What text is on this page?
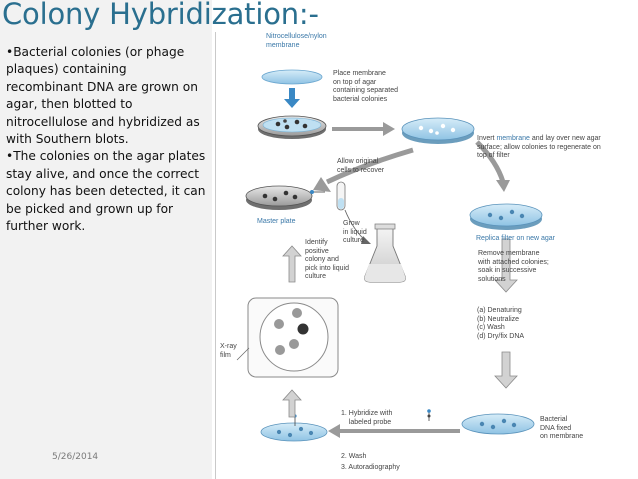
Colony Hybridization:-

•Bacterial colonies (or phage plaques) containing recombinant DNA are grown on agar, then blotted to nitrocellulose and hybridized as with Southern blots.

•The colonies on the agar plates stay alive, and once the correct colony has been detected, it can be picked and grown up for further work.

5/26/2014
Nitrocellulose/nylon
membrane
Place membrane
on top of agar
containing separated
bacterial colonies
Invert membrane and lay over new agar
surface; allow colonies to regenerate on
top of filter
Allow original
cells to recover
Master plate	Grow
in liquid
culture
Identify
positive
colony and
pick into liquid
culture
Replica filter on new agar
Remove membrane
with attached colonies;
soak in successive
solutions
(a) Denaturing
(b) Neutralize
(c) Wash
(d) Dry/fix DNA
X-ray
film
Bacterial
DNA fixed
on membrane
1. Hybridize with
labeled probe
2. Wash
3. Autoradiography
